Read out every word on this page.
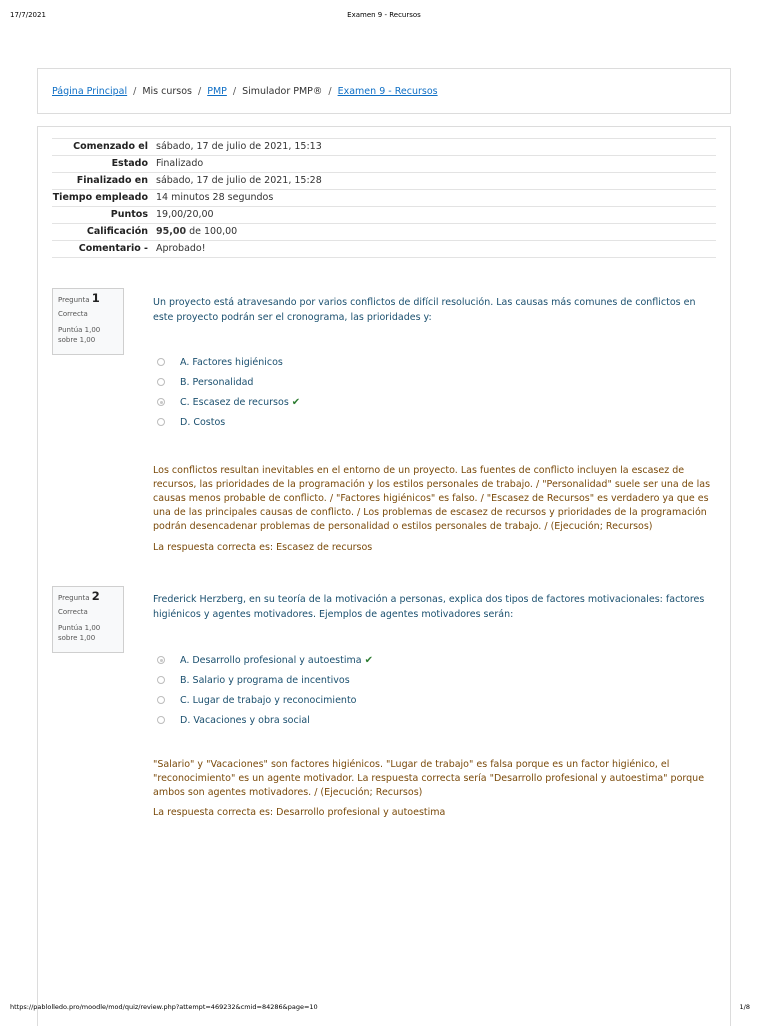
17/7/2021	Examen 9 - Recursos
Página Principal / Mis cursos / PMP / Simulador PMP® / Examen 9 - Recursos
Comenzado el	sábado, 17 de julio de 2021, 15:13
Estado	Finalizado
Finalizado en	sábado, 17 de julio de 2021, 15:28
Tiempo empleado	14 minutos 28 segundos
Puntos	19,00/20,00
Calificación	95,00 de 100,00
Comentario -	Aprobado!
Pregunta 1
Correcta
Puntúa 1,00 sobre 1,00
Un proyecto está atravesando por varios conflictos de difícil resolución. Las causas más comunes de conflictos en este proyecto podrán ser el cronograma, las prioridades y:
A. Factores higiénicos
B. Personalidad
C. Escasez de recursos ✔
D. Costos
Los conflictos resultan inevitables en el entorno de un proyecto. Las fuentes de conflicto incluyen la escasez de recursos, las prioridades de la programación y los estilos personales de trabajo. / "Personalidad" suele ser una de las causas menos probable de conflicto. / "Factores higiénicos" es falso. / "Escasez de Recursos" es verdadero ya que es una de las principales causas de conflicto. / Los problemas de escasez de recursos y prioridades de la programación podrán desencadenar problemas de personalidad o estilos personales de trabajo. / (Ejecución; Recursos)
La respuesta correcta es: Escasez de recursos
Pregunta 2
Correcta
Puntúa 1,00 sobre 1,00
Frederick Herzberg, en su teoría de la motivación a personas, explica dos tipos de factores motivacionales: factores higiénicos y agentes motivadores. Ejemplos de agentes motivadores serán:
A. Desarrollo profesional y autoestima ✔
B. Salario y programa de incentivos
C. Lugar de trabajo y reconocimiento
D. Vacaciones y obra social
"Salario" y "Vacaciones" son factores higiénicos. "Lugar de trabajo" es falsa porque es un factor higiénico, el "reconocimiento" es un agente motivador. La respuesta correcta sería "Desarrollo profesional y autoestima" porque ambos son agentes motivadores. / (Ejecución; Recursos)
La respuesta correcta es: Desarrollo profesional y autoestima
https://pablolledo.pro/moodle/mod/quiz/review.php?attempt=469232&cmid=84286&page=10	1/8
